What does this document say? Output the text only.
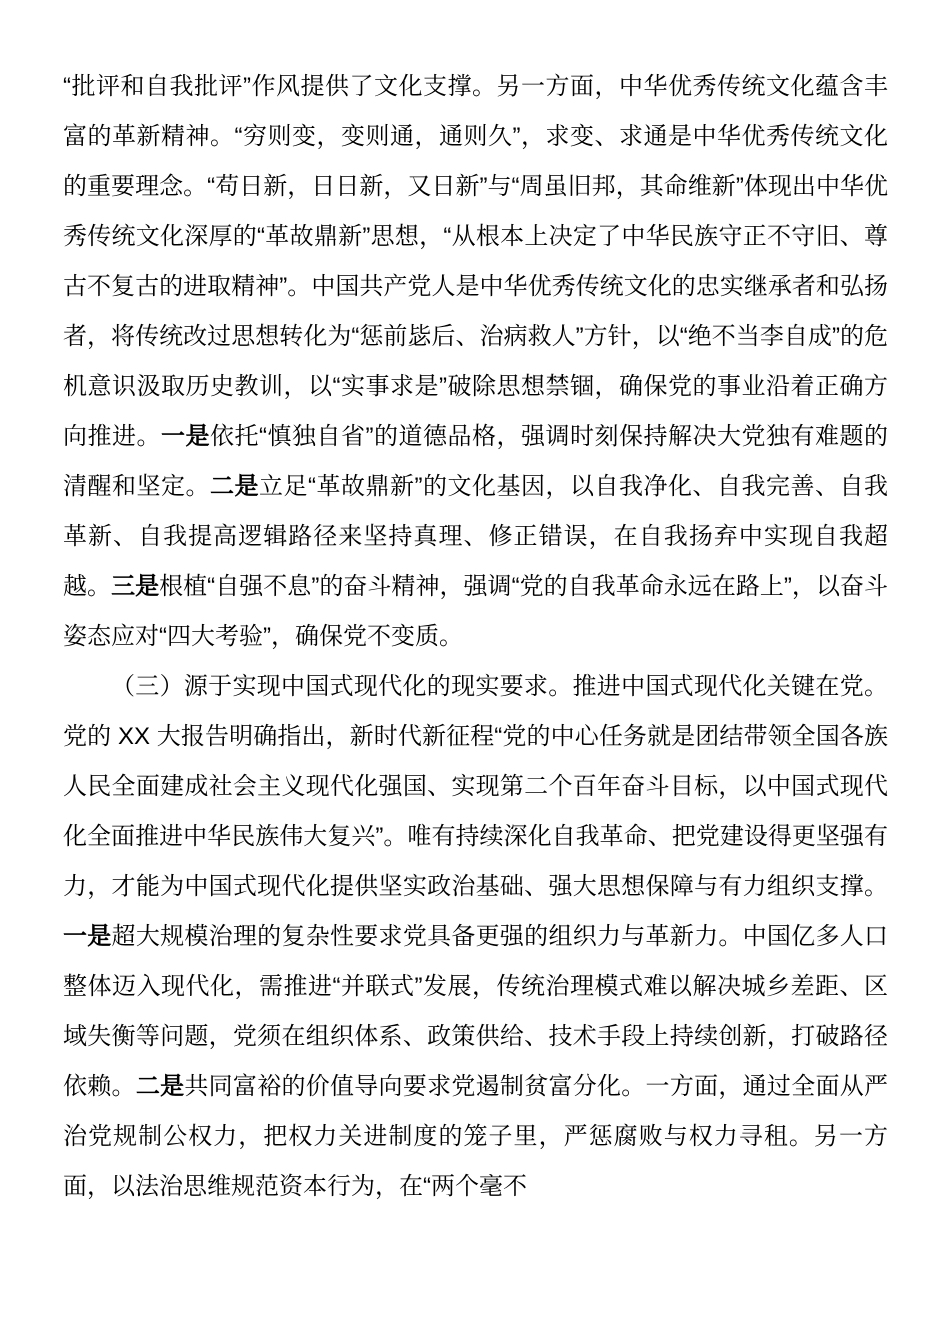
“批评和自我批评”作风提供了文化支撑。另一方面，中华优秀传统文化蕴含丰富的革新精神。“穷则变，变则通，通则久”，求变、求通是中华优秀传统文化的重要理念。“苟日新，日日新，又日新”与“周虽旧邦，其命维新”体现出中华优秀传统文化深厚的“革故鼎新”思想，“从根本上决定了中华民族守正不守旧、尊古不复古的进取精神”。中国共产党人是中华优秀传统文化的忠实继承者和弘扬者，将传统改过思想转化为“惩前毖后、治病救人”方针，以“绝不当李自成”的危机意识汲取历史教训，以“实事求是”破除思想禁锢，确保党的事业沿着正确方向推进。一是依托“慎独自省”的道德品格，强调时刻保持解决大党独有难题的清醒和坚定。二是立足“革故鼎新”的文化基因，以自我净化、自我完善、自我革新、自我提高逻辑路径来坚持真理、修正错误，在自我扬弃中实现自我超越。三是根植“自强不息”的奋斗精神，强调“党的自我革命永远在路上”，以奋斗姿态应对“四大考验”，确保党不变质。

（三）源于实现中国式现代化的现实要求。推进中国式现代化关键在党。党的 XX 大报告明确指出，新时代新征程“党的中心任务就是团结带领全国各族人民全面建成社会主义现代化强国、实现第二个百年奋斗目标，以中国式现代化全面推进中华民族伟大复兴”。唯有持续深化自我革命、把党建设得更坚强有力，才能为中国式现代化提供坚实政治基础、强大思想保障与有力组织支撑。一是超大规模治理的复杂性要求党具备更强的组织力与革新力。中国亿多人口整体迈入现代化，需推进“并联式”发展，传统治理模式难以解决城乡差距、区域失衡等问题，党须在组织体系、政策供给、技术手段上持续创新，打破路径依赖。二是共同富裕的价值导向要求党遏制贫富分化。一方面，通过全面从严治党规制公权力，把权力关进制度的笼子里，严惩腐败与权力寻租。另一方面，以法治思维规范资本行为，在“两个毫不
